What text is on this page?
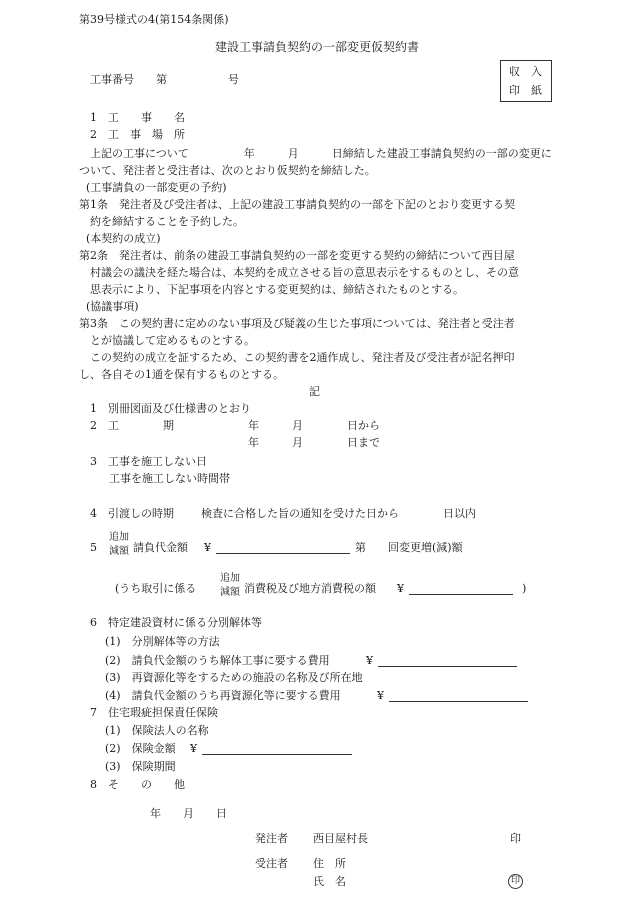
第39号様式の4(第154条関係)
建設工事請負契約の一部変更仮契約書
収　入
印　紙
工事番号 第	号
1　工　　事　　名
2　工　事　場　所
上記の工事について　　　　　年　　　月　　　日締結した建設工事請負契約の一部の変更に
ついて、発注者と受注者は、次のとおり仮契約を締結した。
(工事請負の一部変更の予約)
第1条　発注者及び受注者は、上記の建設工事請負契約の一部を下記のとおり変更する契
約を締結することを予約した。
(本契約の成立)
第2条　発注者は、前条の建設工事請負契約の一部を変更する契約の締結について西目屋
村議会の議決を経た場合は、本契約を成立させる旨の意思表示をするものとし、その意
思表示により、下記事項を内容とする変更契約は、締結されたものとする。
(協議事項)
第3条　この契約書に定めのない事項及び疑義の生じた事項については、発注者と受注者
とが協議して定めるものとする。
この契約の成立を証するため、この契約書を2通作成し、発注者及び受注者が記名押印
し、各自その1通を保有するものとする。
記
1　別冊図面及び仕様書のとおり
2　工　　　　期	年　　　月　　　　日から
年　　　月　　　　日まで
3　工事を施工しない日
工事を施工しない時間帯
4　引渡しの時期 検査に合格した旨の通知を受けた日から　　　　日以内
5
追加
減額 請負代金額 ¥	第　　回変更増(減)額
(うち取引に係る
追加
減額 消費税及び地方消費税の額 ¥	)
6　特定建設資材に係る分別解体等
(1)　分別解体等の方法
(2)　請負代金額のうち解体工事に要する費用	¥
(3)　再資源化等をするための施設の名称及び所在地
(4)　請負代金額のうち再資源化等に要する費用	¥
7　住宅瑕疵担保責任保険
(1)　保険法人の名称
(2)　保険金額 ¥
(3)　保険期間
8　そ　　の　　他
年　　月　　日
発注者 西目屋村長	印
受注者 住　所
氏　名	印
